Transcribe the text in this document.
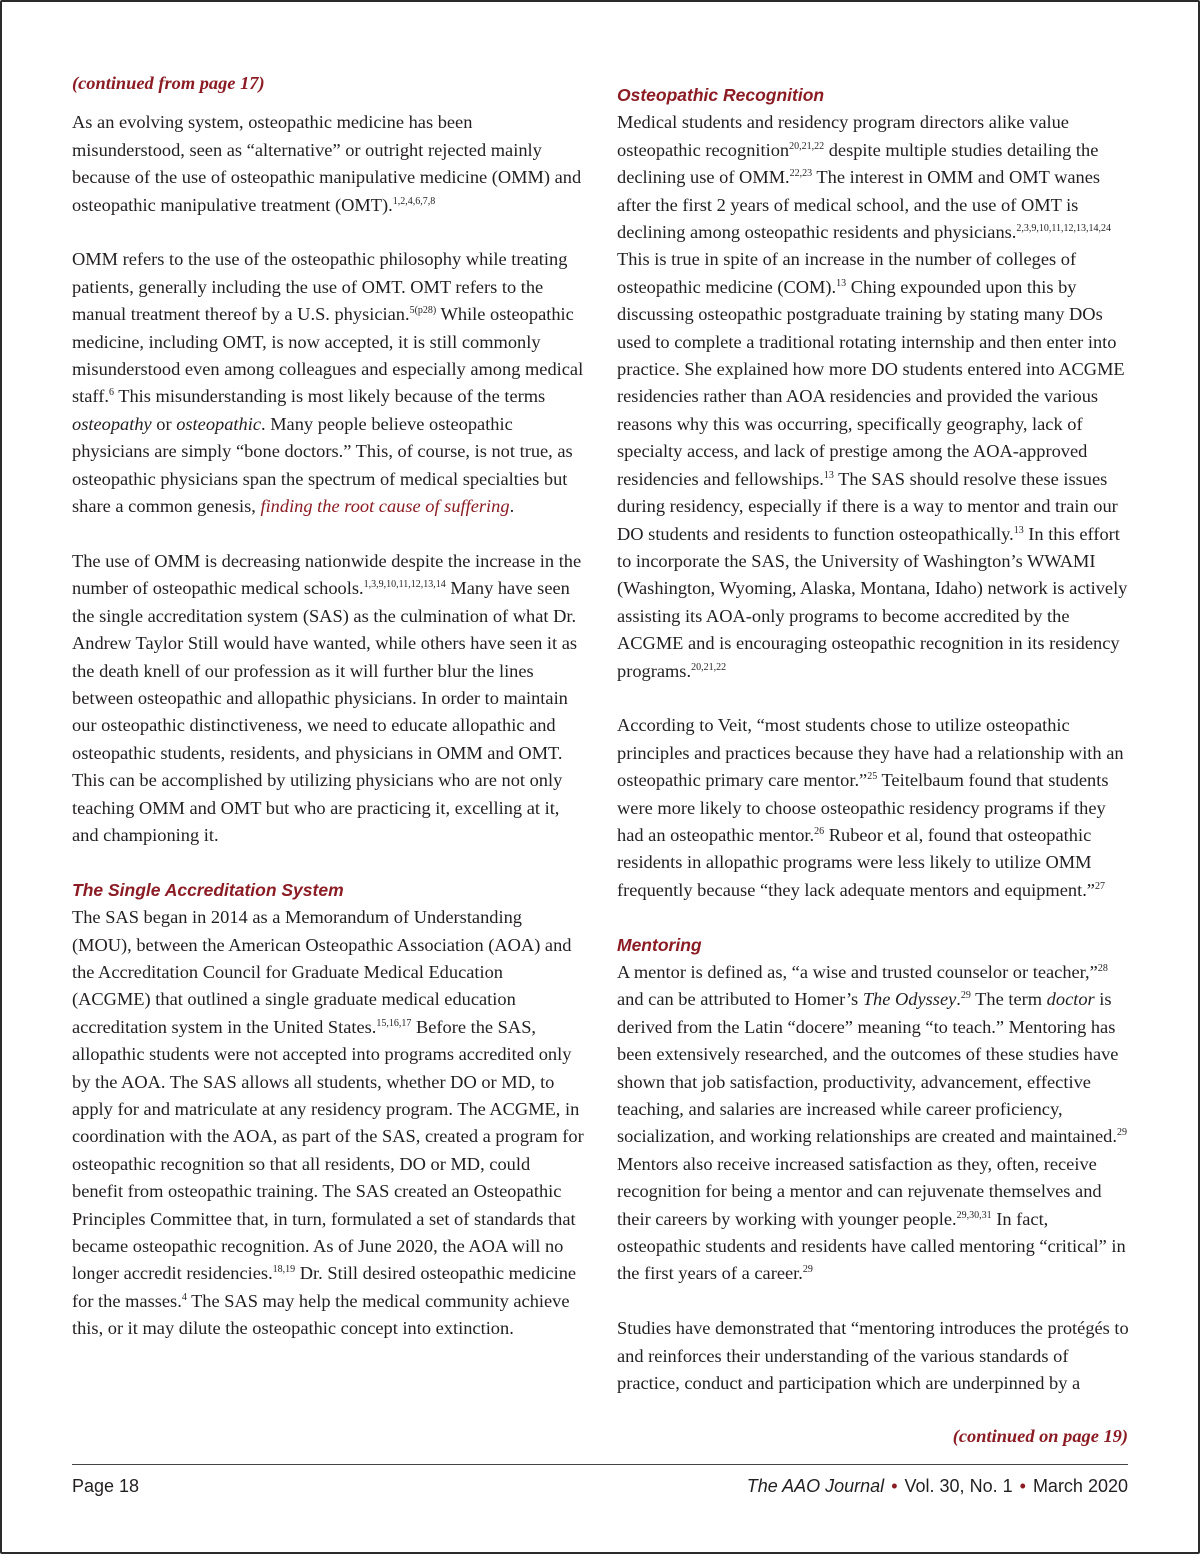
(continued from page 17)

As an evolving system, osteopathic medicine has been misunderstood, seen as “alternative” or outright rejected mainly because of the use of osteopathic manipulative medicine (OMM) and osteopathic manipulative treatment (OMT).$^{1,2,4,6,7,8}$

OMM refers to the use of the osteopathic philosophy while treating patients, generally including the use of OMT. OMT refers to the manual treatment thereof by a U.S. physician.$^{5(p28)}$ While osteopathic medicine, including OMT, is now accepted, it is still commonly misunderstood even among colleagues and especially among medical staff.$^6$ This misunderstanding is most likely because of the terms osteopathy or osteopathic. Many people believe osteopathic physicians are simply “bone doctors.” This, of course, is not true, as osteopathic physicians span the spectrum of medical specialties but share a common genesis, finding the root cause of suffering.

The use of OMM is decreasing nationwide despite the increase in the number of osteopathic medical schools.$^{1,3,9,10,11,12,13,14}$ Many have seen the single accreditation system (SAS) as the culmination of what Dr. Andrew Taylor Still would have wanted, while others have seen it as the death knell of our profession as it will further blur the lines between osteopathic and allopathic physicians. In order to maintain our osteopathic distinctiveness, we need to educate allopathic and osteopathic students, residents, and physicians in OMM and OMT. This can be accomplished by utilizing physicians who are not only teaching OMM and OMT but who are practicing it, excelling at it, and championing it.

The Single Accreditation System

The SAS began in 2014 as a Memorandum of Understanding (MOU), between the American Osteopathic Association (AOA) and the Accreditation Council for Graduate Medical Education (ACGME) that outlined a single graduate medical education accreditation system in the United States.$^{15,16,17}$ Before the SAS, allopathic students were not accepted into programs accredited only by the AOA. The SAS allows all students, whether DO or MD, to apply for and matriculate at any residency program. The ACGME, in coordination with the AOA, as part of the SAS, created a program for osteopathic recognition so that all residents, DO or MD, could benefit from osteopathic training. The SAS created an Osteopathic Principles Committee that, in turn, formulated a set of standards that became osteopathic recognition. As of June 2020, the AOA will no longer accredit residencies.$^{18,19}$ Dr. Still desired osteopathic medicine for the masses.$^4$ The SAS may help the medical community achieve this, or it may dilute the osteopathic concept into extinction.

Osteopathic Recognition

Medical students and residency program directors alike value osteopathic recognition$^{20,21,22}$ despite multiple studies detailing the declining use of OMM.$^{22,23}$ The interest in OMM and OMT wanes after the first 2 years of medical school, and the use of OMT is declining among osteopathic residents and physicians.$^{2,3,9,10,11,12,13,14,24}$ This is true in spite of an increase in the number of colleges of osteopathic medicine (COM).$^{13}$ Ching expounded upon this by discussing osteopathic postgraduate training by stating many DOs used to complete a traditional rotating internship and then enter into practice. She explained how more DO students entered into ACGME residencies rather than AOA residencies and provided the various reasons why this was occurring, specifically geography, lack of specialty access, and lack of prestige among the AOA-approved residencies and fellowships.$^{13}$ The SAS should resolve these issues during residency, especially if there is a way to mentor and train our DO students and residents to function osteopathically.$^{13}$ In this effort to incorporate the SAS, the University of Washington’s WWAMI (Washington, Wyoming, Alaska, Montana, Idaho) network is actively assisting its AOA-only programs to become accredited by the ACGME and is encouraging osteopathic recognition in its residency programs.$^{20,21,22}$

According to Veit, “most students chose to utilize osteopathic principles and practices because they have had a relationship with an osteopathic primary care mentor.”$^{25}$ Teitelbaum found that students were more likely to choose osteopathic residency programs if they had an osteopathic mentor.$^{26}$ Rubeor et al, found that osteopathic residents in allopathic programs were less likely to utilize OMM frequently because “they lack adequate mentors and equipment.”$^{27}$

Mentoring

A mentor is defined as, “a wise and trusted counselor or teacher,”$^{28}$ and can be attributed to Homer’s The Odyssey.$^{29}$ The term doctor is derived from the Latin “docere” meaning “to teach.” Mentoring has been extensively researched, and the outcomes of these studies have shown that job satisfaction, productivity, advancement, effective teaching, and salaries are increased while career proficiency, socialization, and working relationships are created and maintained.$^{29}$ Mentors also receive increased satisfaction as they, often, receive recognition for being a mentor and can rejuvenate themselves and their careers by working with younger people.$^{29,30,31}$ In fact, osteopathic students and residents have called mentoring “critical” in the first years of a career.$^{29}$

Studies have demonstrated that “mentoring introduces the protégés to and reinforces their understanding of the various standards of practice, conduct and participation which are underpinned by a

(continued on page 19)

Page 18	The AAO Journal • Vol. 30, No. 1 • March 2020
